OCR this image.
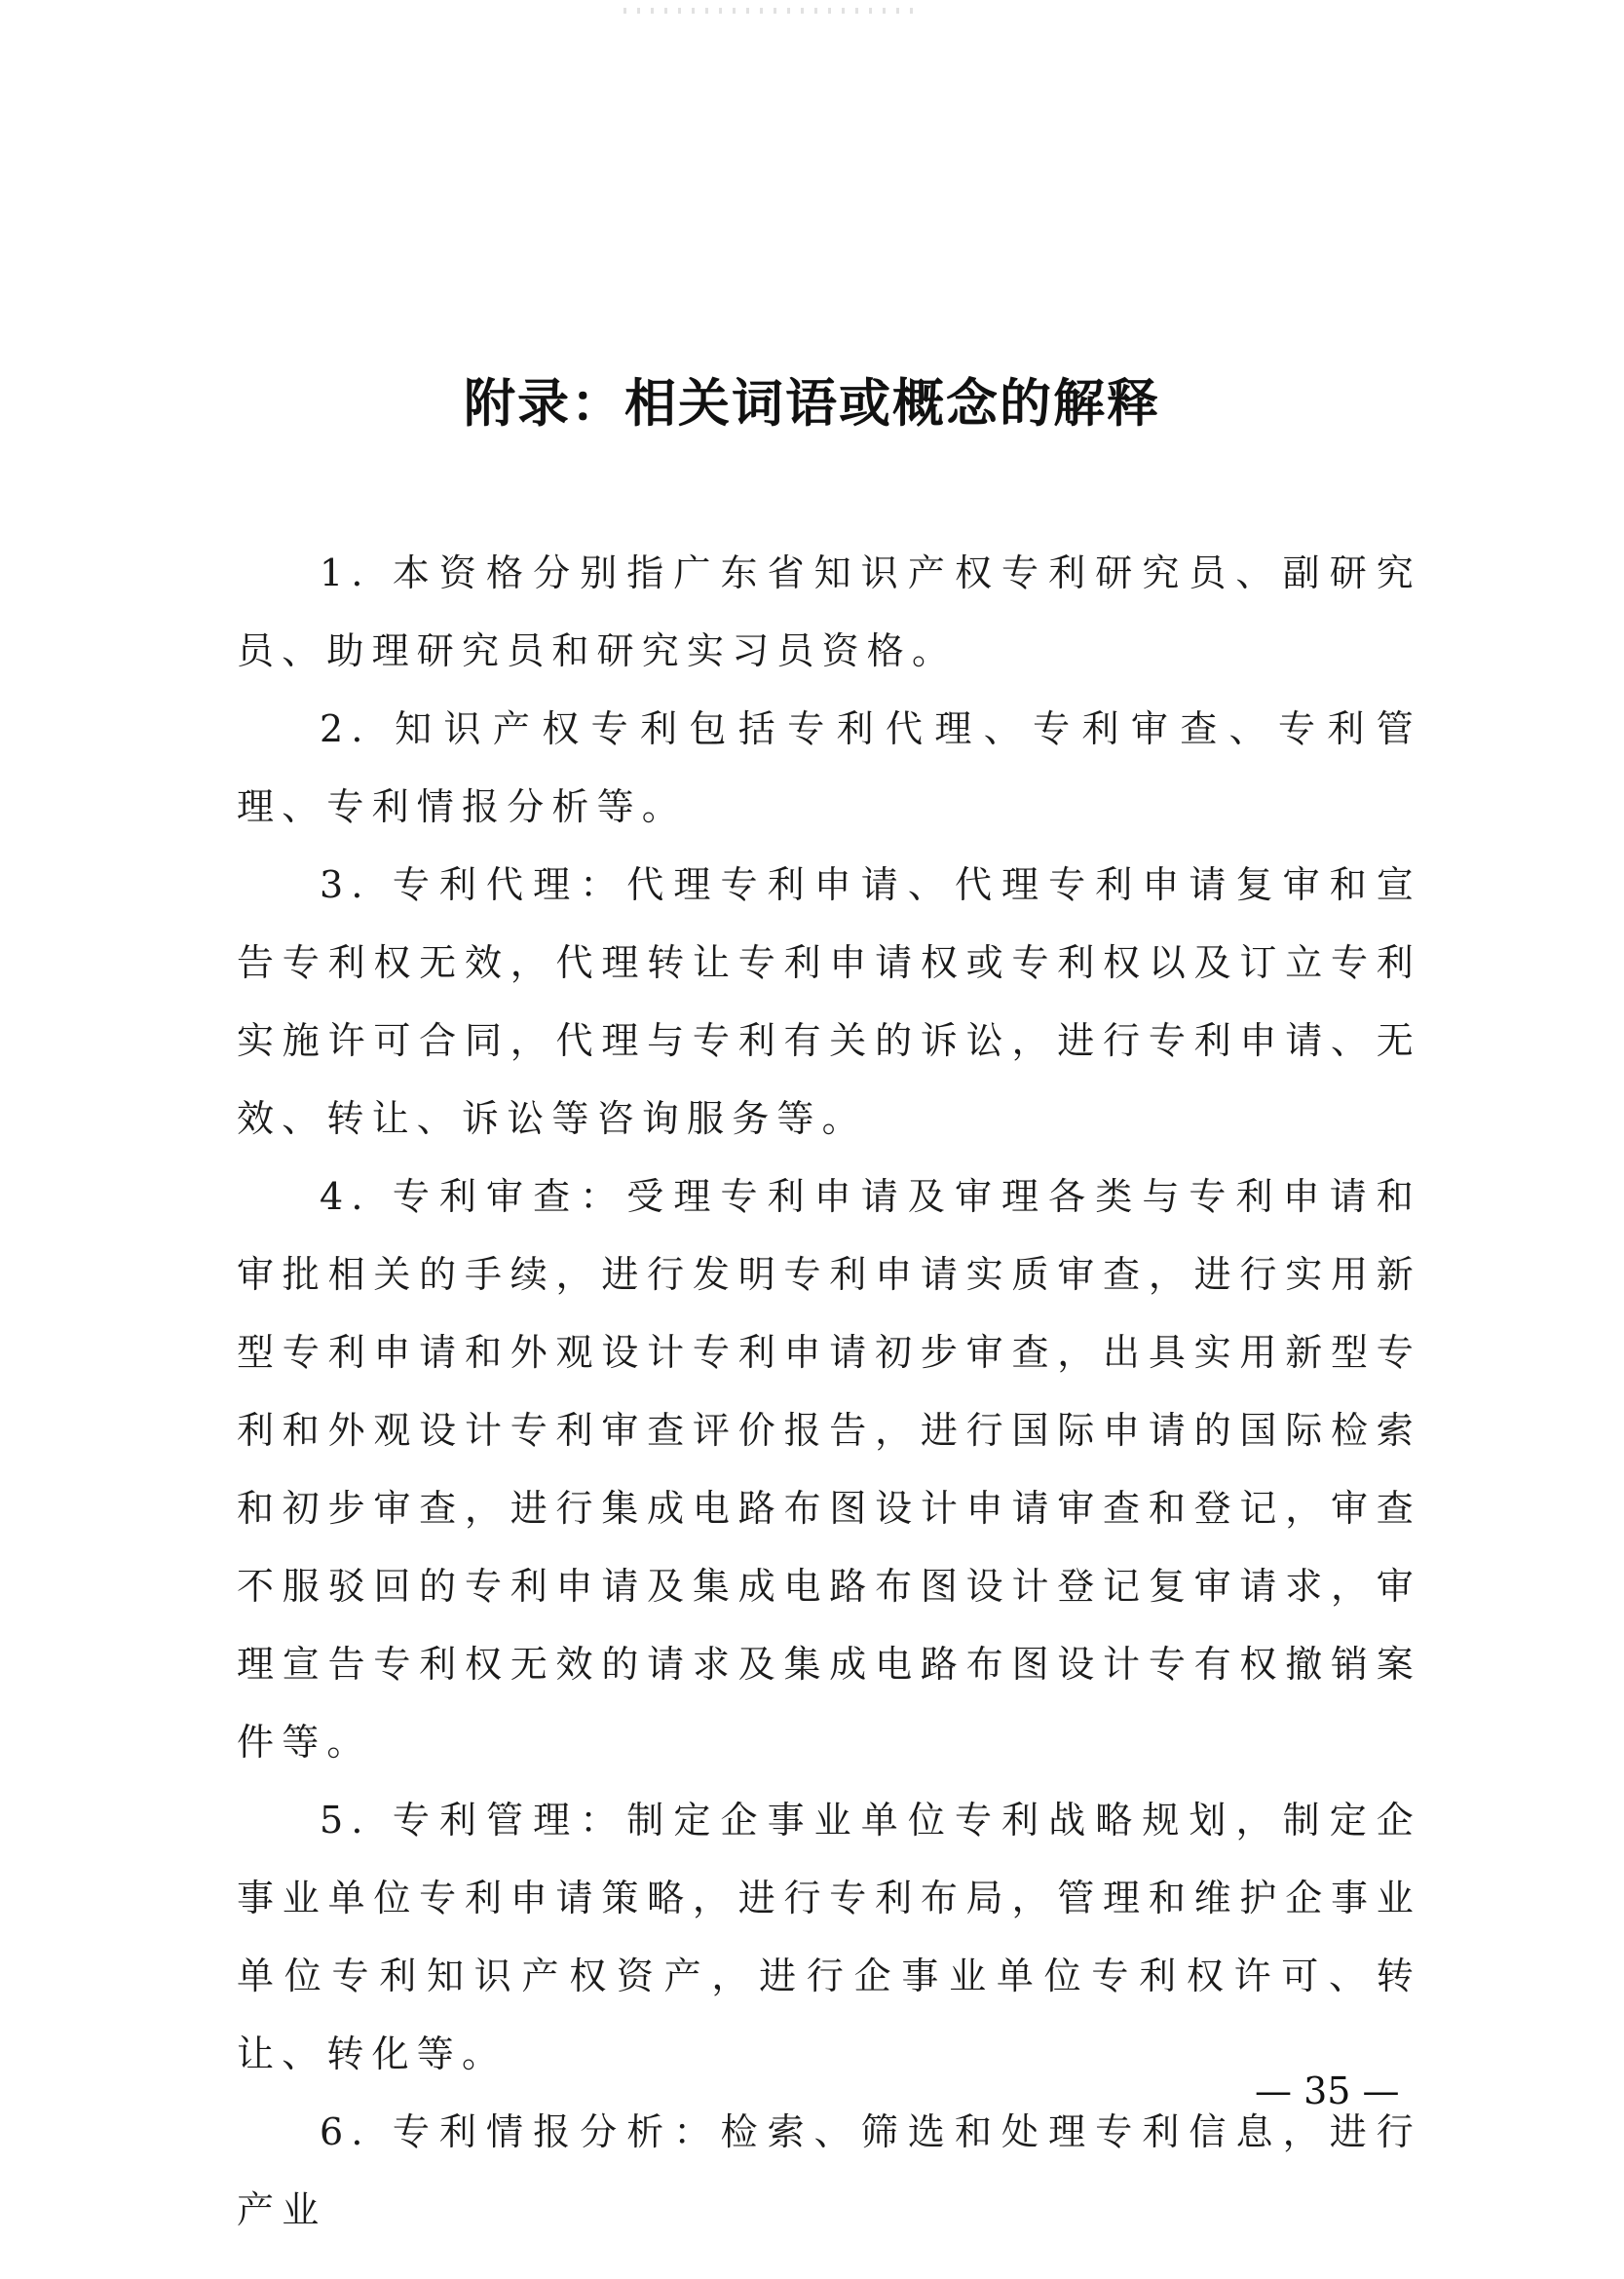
附录：相关词语或概念的解释

1. 本资格分别指广东省知识产权专利研究员、副研究员、助理研究员和研究实习员资格。

2. 知识产权专利包括专利代理、专利审查、专利管理、专利情报分析等。

3. 专利代理：代理专利申请、代理专利申请复审和宣告专利权无效，代理转让专利申请权或专利权以及订立专利实施许可合同，代理与专利有关的诉讼，进行专利申请、无效、转让、诉讼等咨询服务等。

4. 专利审查：受理专利申请及审理各类与专利申请和审批相关的手续，进行发明专利申请实质审查，进行实用新型专利申请和外观设计专利申请初步审查，出具实用新型专利和外观设计专利审查评价报告，进行国际申请的国际检索和初步审查，进行集成电路布图设计申请审查和登记，审查不服驳回的专利申请及集成电路布图设计登记复审请求，审理宣告专利权无效的请求及集成电路布图设计专有权撤销案件等。

5. 专利管理：制定企事业单位专利战略规划，制定企事业单位专利申请策略，进行专利布局，管理和维护企事业单位专利知识产权资产，进行企事业单位专利权许可、转让、转化等。

6. 专利情报分析：检索、筛选和处理专利信息，进行产业

— 35 —
